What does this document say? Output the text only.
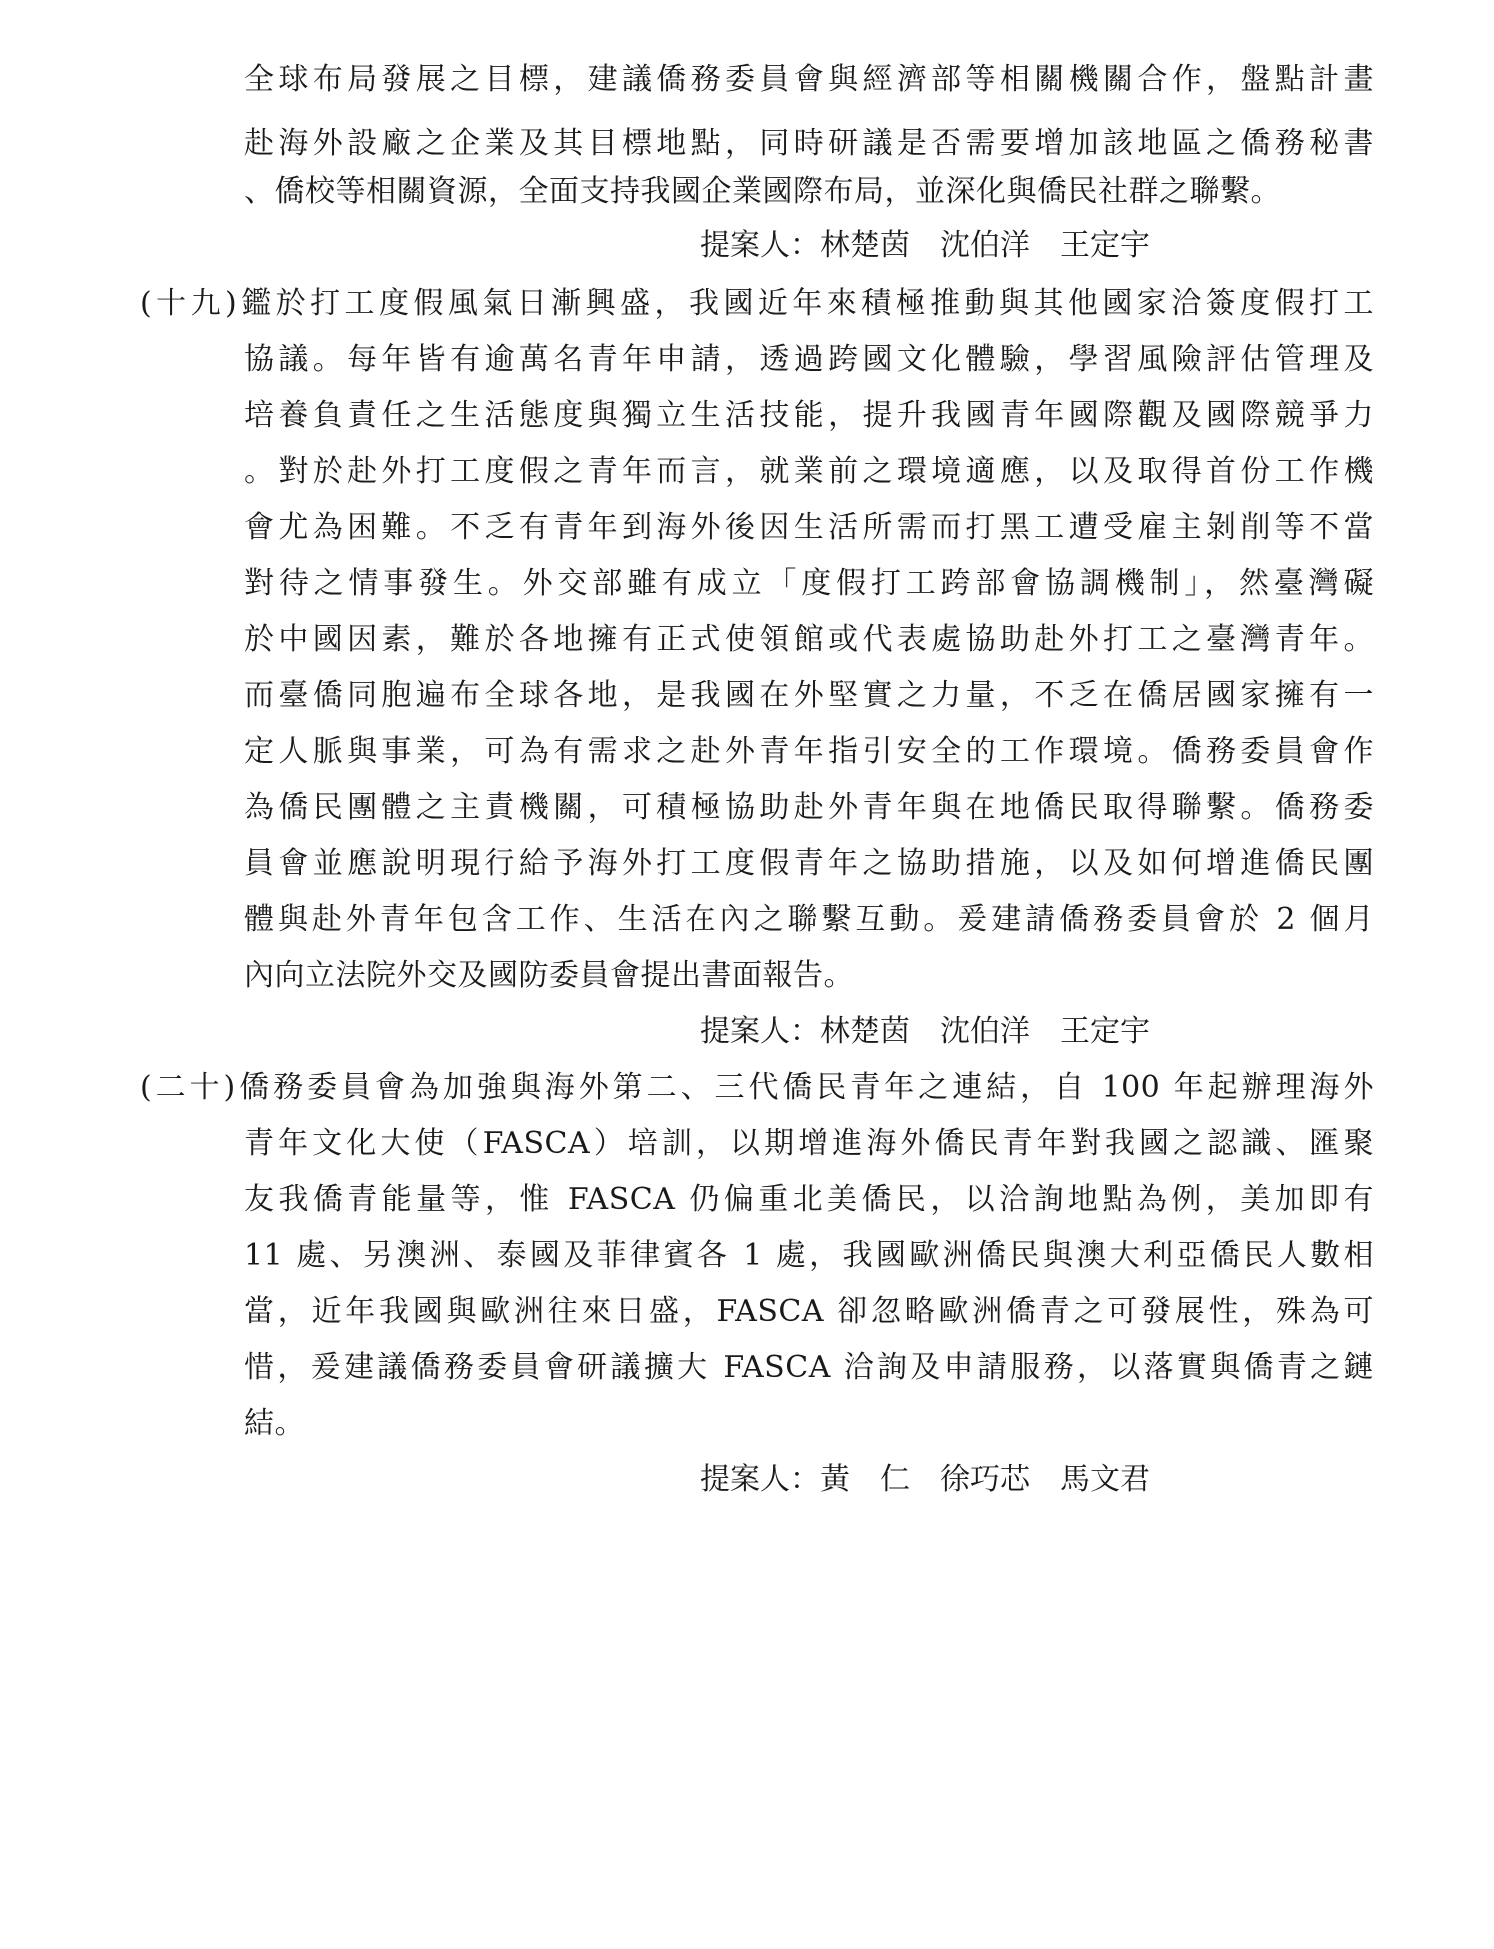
全球布局發展之目標，建議僑務委員會與經濟部等相關機關合作，盤點計畫
赴海外設廠之企業及其目標地點，同時研議是否需要增加該地區之僑務秘書
、僑校等相關資源，全面支持我國企業國際布局，並深化與僑民社群之聯繫。
提案人：林楚茵　沈伯洋　王定宇
(十九)鑑於打工度假風氣日漸興盛，我國近年來積極推動與其他國家洽簽度假打工
協議。每年皆有逾萬名青年申請，透過跨國文化體驗，學習風險評估管理及
培養負責任之生活態度與獨立生活技能，提升我國青年國際觀及國際競爭力
。對於赴外打工度假之青年而言，就業前之環境適應，以及取得首份工作機
會尤為困難。不乏有青年到海外後因生活所需而打黑工遭受雇主剝削等不當
對待之情事發生。外交部雖有成立「度假打工跨部會協調機制」，然臺灣礙
於中國因素，難於各地擁有正式使領館或代表處協助赴外打工之臺灣青年。
而臺僑同胞遍布全球各地，是我國在外堅實之力量，不乏在僑居國家擁有一
定人脈與事業，可為有需求之赴外青年指引安全的工作環境。僑務委員會作
為僑民團體之主責機關，可積極協助赴外青年與在地僑民取得聯繫。僑務委
員會並應說明現行給予海外打工度假青年之協助措施，以及如何增進僑民團
體與赴外青年包含工作、生活在內之聯繫互動。爰建請僑務委員會於 2 個月
內向立法院外交及國防委員會提出書面報告。
提案人：林楚茵　沈伯洋　王定宇
(二十)僑務委員會為加強與海外第二、三代僑民青年之連結，自 100 年起辦理海外
青年文化大使（FASCA）培訓，以期增進海外僑民青年對我國之認識、匯聚
友我僑青能量等，惟 FASCA 仍偏重北美僑民，以洽詢地點為例，美加即有
11 處、另澳洲、泰國及菲律賓各 1 處，我國歐洲僑民與澳大利亞僑民人數相
當，近年我國與歐洲往來日盛，FASCA 卻忽略歐洲僑青之可發展性，殊為可
惜，爰建議僑務委員會研議擴大 FASCA 洽詢及申請服務，以落實與僑青之鏈
結。
提案人：黃　仁　徐巧芯　馬文君
